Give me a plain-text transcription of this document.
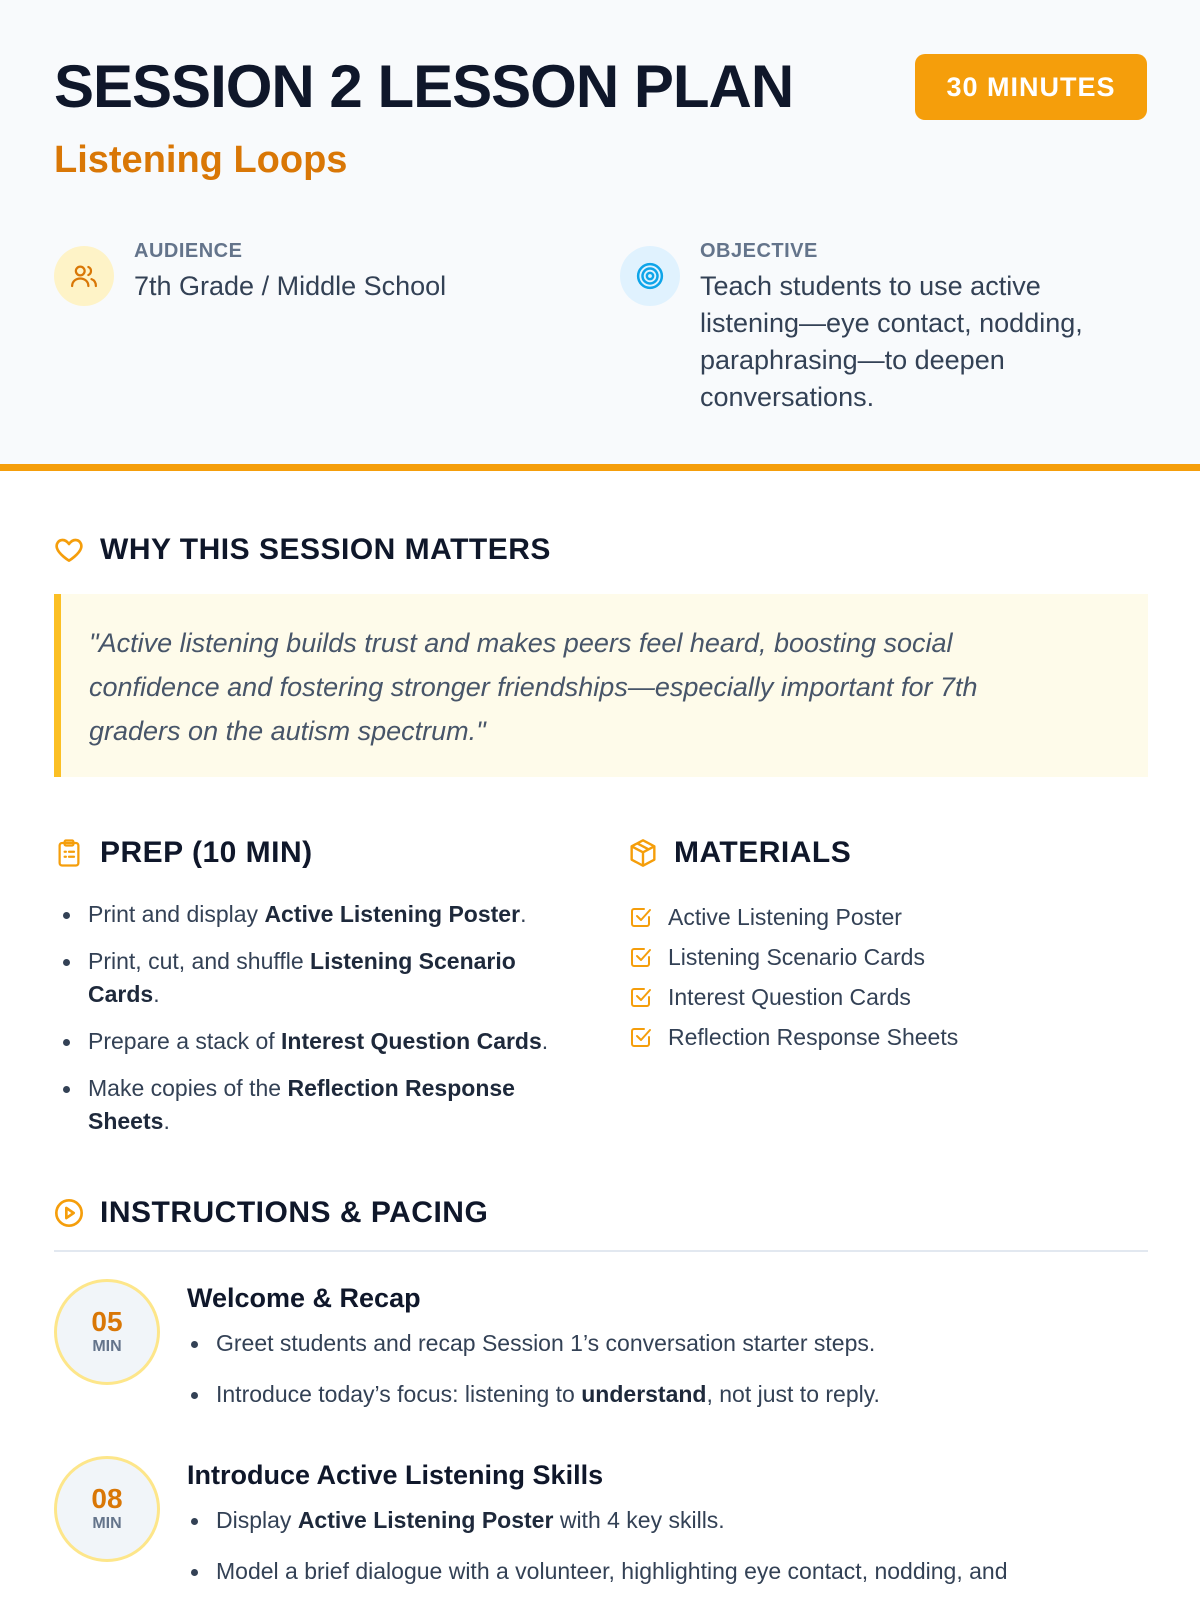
SESSION 2 LESSON PLAN
Listening Loops
30 MINUTES
AUDIENCE
7th Grade / Middle School
OBJECTIVE
Teach students to use active
listening—eye contact, nodding,
paraphrasing—to deepen
conversations.
WHY THIS SESSION MATTERS

"Active listening builds trust and makes peers feel heard, boosting social

confidence and fostering stronger friendships—especially important for 7th

graders on the autism spectrum."

PREP (10 MIN)
Print and display Active Listening Poster.
Print, cut, and shuffle Listening Scenario
Cards.
Prepare a stack of Interest Question Cards.
Make copies of the Reflection Response
Sheets.
MATERIALS
Active Listening Poster
Listening Scenario Cards
Interest Question Cards
Reflection Response Sheets
INSTRUCTIONS & PACING
05
MIN
Welcome & Recap
Greet students and recap Session 1’s conversation starter steps.
Introduce today’s focus: listening to understand, not just to reply.
08
MIN
Introduce Active Listening Skills
Display Active Listening Poster with 4 key skills.
Model a brief dialogue with a volunteer, highlighting eye contact, nodding, and
